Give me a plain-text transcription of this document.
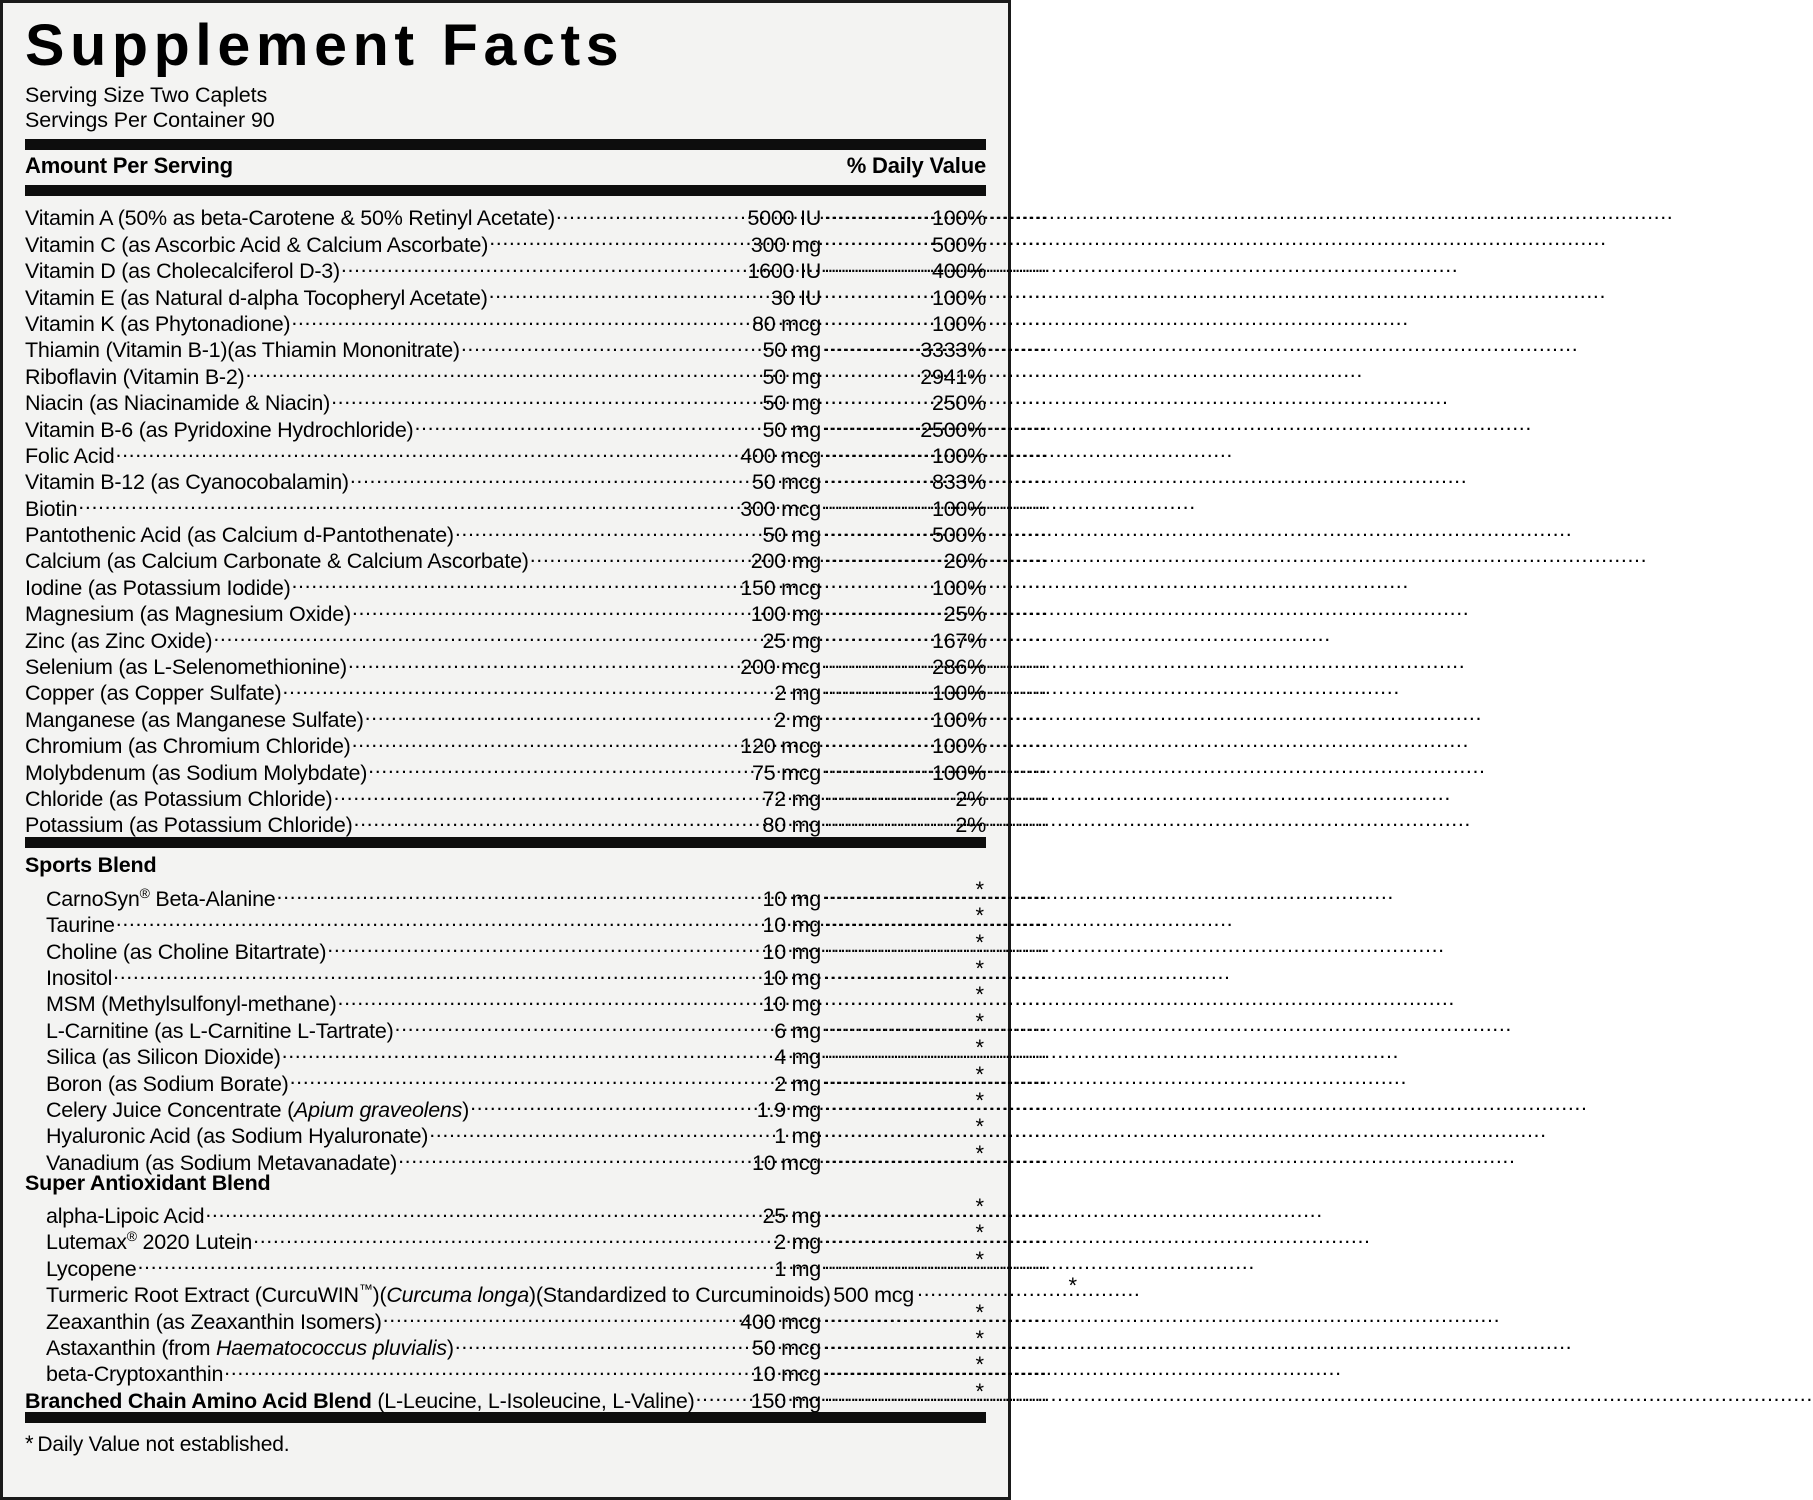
Supplement Facts
Serving Size Two Caplets
Servings Per Container 90
Amount Per Serving	% Daily Value
Vitamin A (50% as beta-Carotene & 50% Retinyl Acetate) .....	5000 IU .....	100%
Vitamin C (as Ascorbic Acid & Calcium Ascorbate) .....	300 mg .....	500%
Vitamin D (as Cholecalciferol D-3) .....	1600 IU .....	400%
Vitamin E (as Natural d-alpha Tocopheryl Acetate) .....	30 IU .....	100%
Vitamin K (as Phytonadione) .....	80 mcg .....	100%
Thiamin (Vitamin B-1)(as Thiamin Mononitrate) .....	50 mg .....	3333%
Riboflavin (Vitamin B-2) .....	50 mg .....	2941%
Niacin (as Niacinamide & Niacin) .....	50 mg .....	250%
Vitamin B-6 (as Pyridoxine Hydrochloride) .....	50 mg .....	2500%
Folic Acid .....	400 mcg .....	100%
Vitamin B-12 (as Cyanocobalamin) .....	50 mcg .....	833%
Biotin .....	300 mcg .....	100%
Pantothenic Acid (as Calcium d-Pantothenate) .....	50 mg .....	500%
Calcium (as Calcium Carbonate & Calcium Ascorbate) .....	200 mg .....	20%
Iodine (as Potassium Iodide) .....	150 mcg .....	100%
Magnesium (as Magnesium Oxide) .....	100 mg .....	25%
Zinc (as Zinc Oxide) .....	25 mg .....	167%
Selenium (as L-Selenomethionine) .....	200 mcg .....	286%
Copper (as Copper Sulfate) .....	2 mg .....	100%
Manganese (as Manganese Sulfate) .....	2 mg .....	100%
Chromium (as Chromium Chloride) .....	120 mcg .....	100%
Molybdenum (as Sodium Molybdate) .....	75 mcg .....	100%
Chloride (as Potassium Chloride) .....	72 mg .....	2%
Potassium (as Potassium Chloride) .....	80 mg .....	2%
Sports Blend
CarnoSyn® Beta-Alanine .....	10 mg .....	*
Taurine .....	10 mg .....	*
Choline (as Choline Bitartrate) .....	10 mg .....	*
Inositol .....	10 mg .....	*
MSM (Methylsulfonyl-methane) .....	10 mg .....	*
L-Carnitine (as L-Carnitine L-Tartrate) .....	6 mg .....	*
Silica (as Silicon Dioxide) .....	4 mg .....	*
Boron (as Sodium Borate) .....	2 mg .....	*
Celery Juice Concentrate (Apium graveolens) .....	1.9 mg .....	*
Hyaluronic Acid (as Sodium Hyaluronate) .....	1 mg .....	*
Vanadium (as Sodium Metavanadate) .....	10 mcg .....	*
Super Antioxidant Blend
alpha-Lipoic Acid .....	25 mg .....	*
Lutemax® 2020 Lutein .....	2 mg .....	*
Lycopene .....	1 mg .....	*
Turmeric Root Extract (CurcuWIN™)(Curcuma longa)(Standardized to Curcuminoids) 500 mcg .....	*
Zeaxanthin (as Zeaxanthin Isomers) .....	400 mcg .....	*
Astaxanthin (from Haematococcus pluvialis) .....	50 mcg .....	*
beta-Cryptoxanthin .....	10 mcg .....	*
Branched Chain Amino Acid Blend (L-Leucine, L-Isoleucine, L-Valine) .....	150 mg .....	*
* Daily Value not established.
